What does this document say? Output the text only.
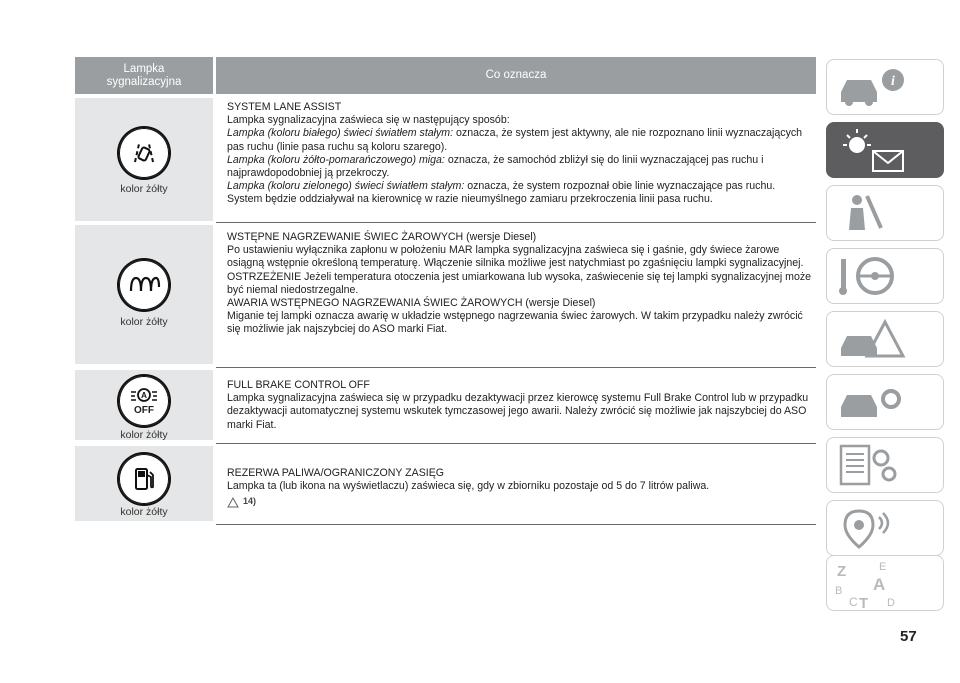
Lampka
sygnalizacyjna
Co oznacza
kolor żółty

SYSTEM LANE ASSIST

Lampka sygnalizacyjna zaświeca się w następujący sposób:

Lampka (koloru białego) świeci światłem stałym: oznacza, że system jest aktywny, ale nie rozpoznano linii wyznaczających pas ruchu (linie pasa ruchu są koloru szarego).

Lampka (koloru żółto-pomarańczowego) miga: oznacza, że samochód zbliżył się do linii wyznaczającej pas ruchu i najprawdopodobniej ją przekroczy.

Lampka (koloru zielonego) świeci światłem stałym: oznacza, że system rozpoznał obie linie wyznaczające pas ruchu. System będzie oddziaływał na kierownicę w razie nieumyślnego zamiaru przekroczenia linii pasa ruchu.

kolor żółty

WSTĘPNE NAGRZEWANIE ŚWIEC ŻAROWYCH (wersje Diesel)

Po ustawieniu wyłącznika zapłonu w położeniu MAR lampka sygnalizacyjna zaświeca się i gaśnie, gdy świece żarowe osiągną wstępnie określoną temperaturę. Włączenie silnika możliwe jest natychmiast po zgaśnięciu lampki sygnalizacyjnej.

OSTRZEŻENIE Jeżeli temperatura otoczenia jest umiarkowana lub wysoka, zaświecenie się tej lampki sygnalizacyjnej może być niemal niedostrzegalne.

AWARIA WSTĘPNEGO NAGRZEWANIA ŚWIEC ŻAROWYCH (wersje Diesel)

Miganie tej lampki oznacza awarię w układzie wstępnego nagrzewania świec żarowych. W takim przypadku należy zwrócić się możliwie jak najszybciej do ASO marki Fiat.

A
OFF
kolor żółty

FULL BRAKE CONTROL OFF

Lampka sygnalizacyjna zaświeca się w przypadku dezaktywacji przez kierowcę systemu Full Brake Control lub w przypadku dezaktywacji automatycznej systemu wskutek tymczasowej jego awarii. Należy zwrócić się możliwie jak najszybciej do ASO marki Fiat.

kolor żółty

REZERWA PALIWA/OGRANICZONY ZASIĘG

Lampka ta (lub ikona na wyświetlaczu) zaświeca się, gdy w zbiorniku pozostaje od 5 do 7 litrów paliwa.

14)
i
Z	E
B A
C T D
57
